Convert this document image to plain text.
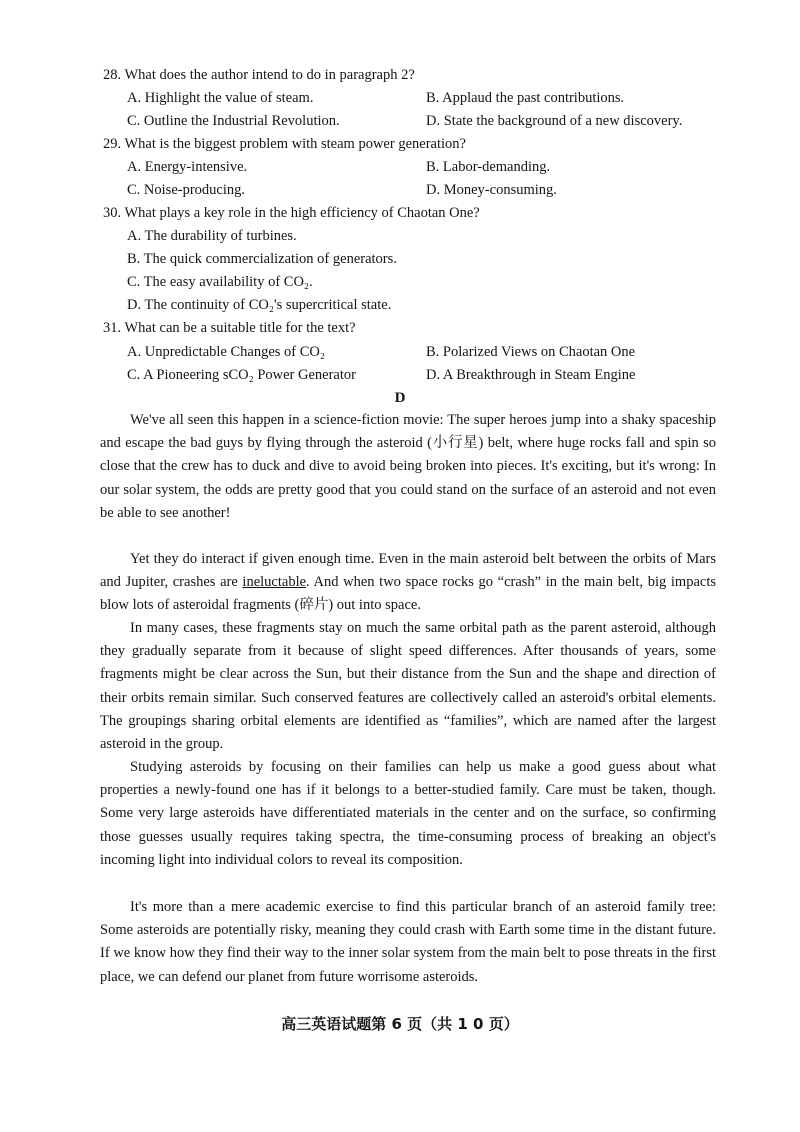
28. What does the author intend to do in paragraph 2?
A. Highlight the value of steam.	B. Applaud the past contributions.
C. Outline the Industrial Revolution.	D. State the background of a new discovery.
29. What is the biggest problem with steam power generation?
A. Energy-intensive.	B. Labor-demanding.
C. Noise-producing.	D. Money-consuming.
30. What plays a key role in the high efficiency of Chaotan One?
A. The durability of turbines.
B. The quick commercialization of generators.
C. The easy availability of CO₂.
D. The continuity of CO₂'s supercritical state.
31. What can be a suitable title for the text?
A. Unpredictable Changes of CO₂	B. Polarized Views on Chaotan One
C. A Pioneering sCO₂ Power Generator	D. A Breakthrough in Steam Engine
D
We've all seen this happen in a science-fiction movie: The super heroes jump into a shaky spaceship and escape the bad guys by flying through the asteroid (小行星) belt, where huge rocks fall and spin so close that the crew has to duck and dive to avoid being broken into pieces. It's exciting, but it's wrong: In our solar system, the odds are pretty good that you could stand on the surface of an asteroid and not even be able to see another!
Yet they do interact if given enough time. Even in the main asteroid belt between the orbits of Mars and Jupiter, crashes are ineluctable. And when two space rocks go “crash” in the main belt, big impacts blow lots of asteroidal fragments (碎片) out into space.
In many cases, these fragments stay on much the same orbital path as the parent asteroid, although they gradually separate from it because of slight speed differences. After thousands of years, some fragments might be clear across the Sun, but their distance from the Sun and the shape and direction of their orbits remain similar. Such conserved features are collectively called an asteroid's orbital elements. The groupings sharing orbital elements are identified as “families”, which are named after the largest asteroid in the group.
Studying asteroids by focusing on their families can help us make a good guess about what properties a newly-found one has if it belongs to a better-studied family. Care must be taken, though. Some very large asteroids have differentiated materials in the center and on the surface, so confirming those guesses usually requires taking spectra, the time-consuming process of breaking an object's incoming light into individual colors to reveal its composition.
It's more than a mere academic exercise to find this particular branch of an asteroid family tree: Some asteroids are potentially risky, meaning they could crash with Earth some time in the distant future. If we know how they find their way to the inner solar system from the main belt to pose threats in the first place, we can defend our planet from future worrisome asteroids.
高三英语试题第 6 页（共 1 0 页）
